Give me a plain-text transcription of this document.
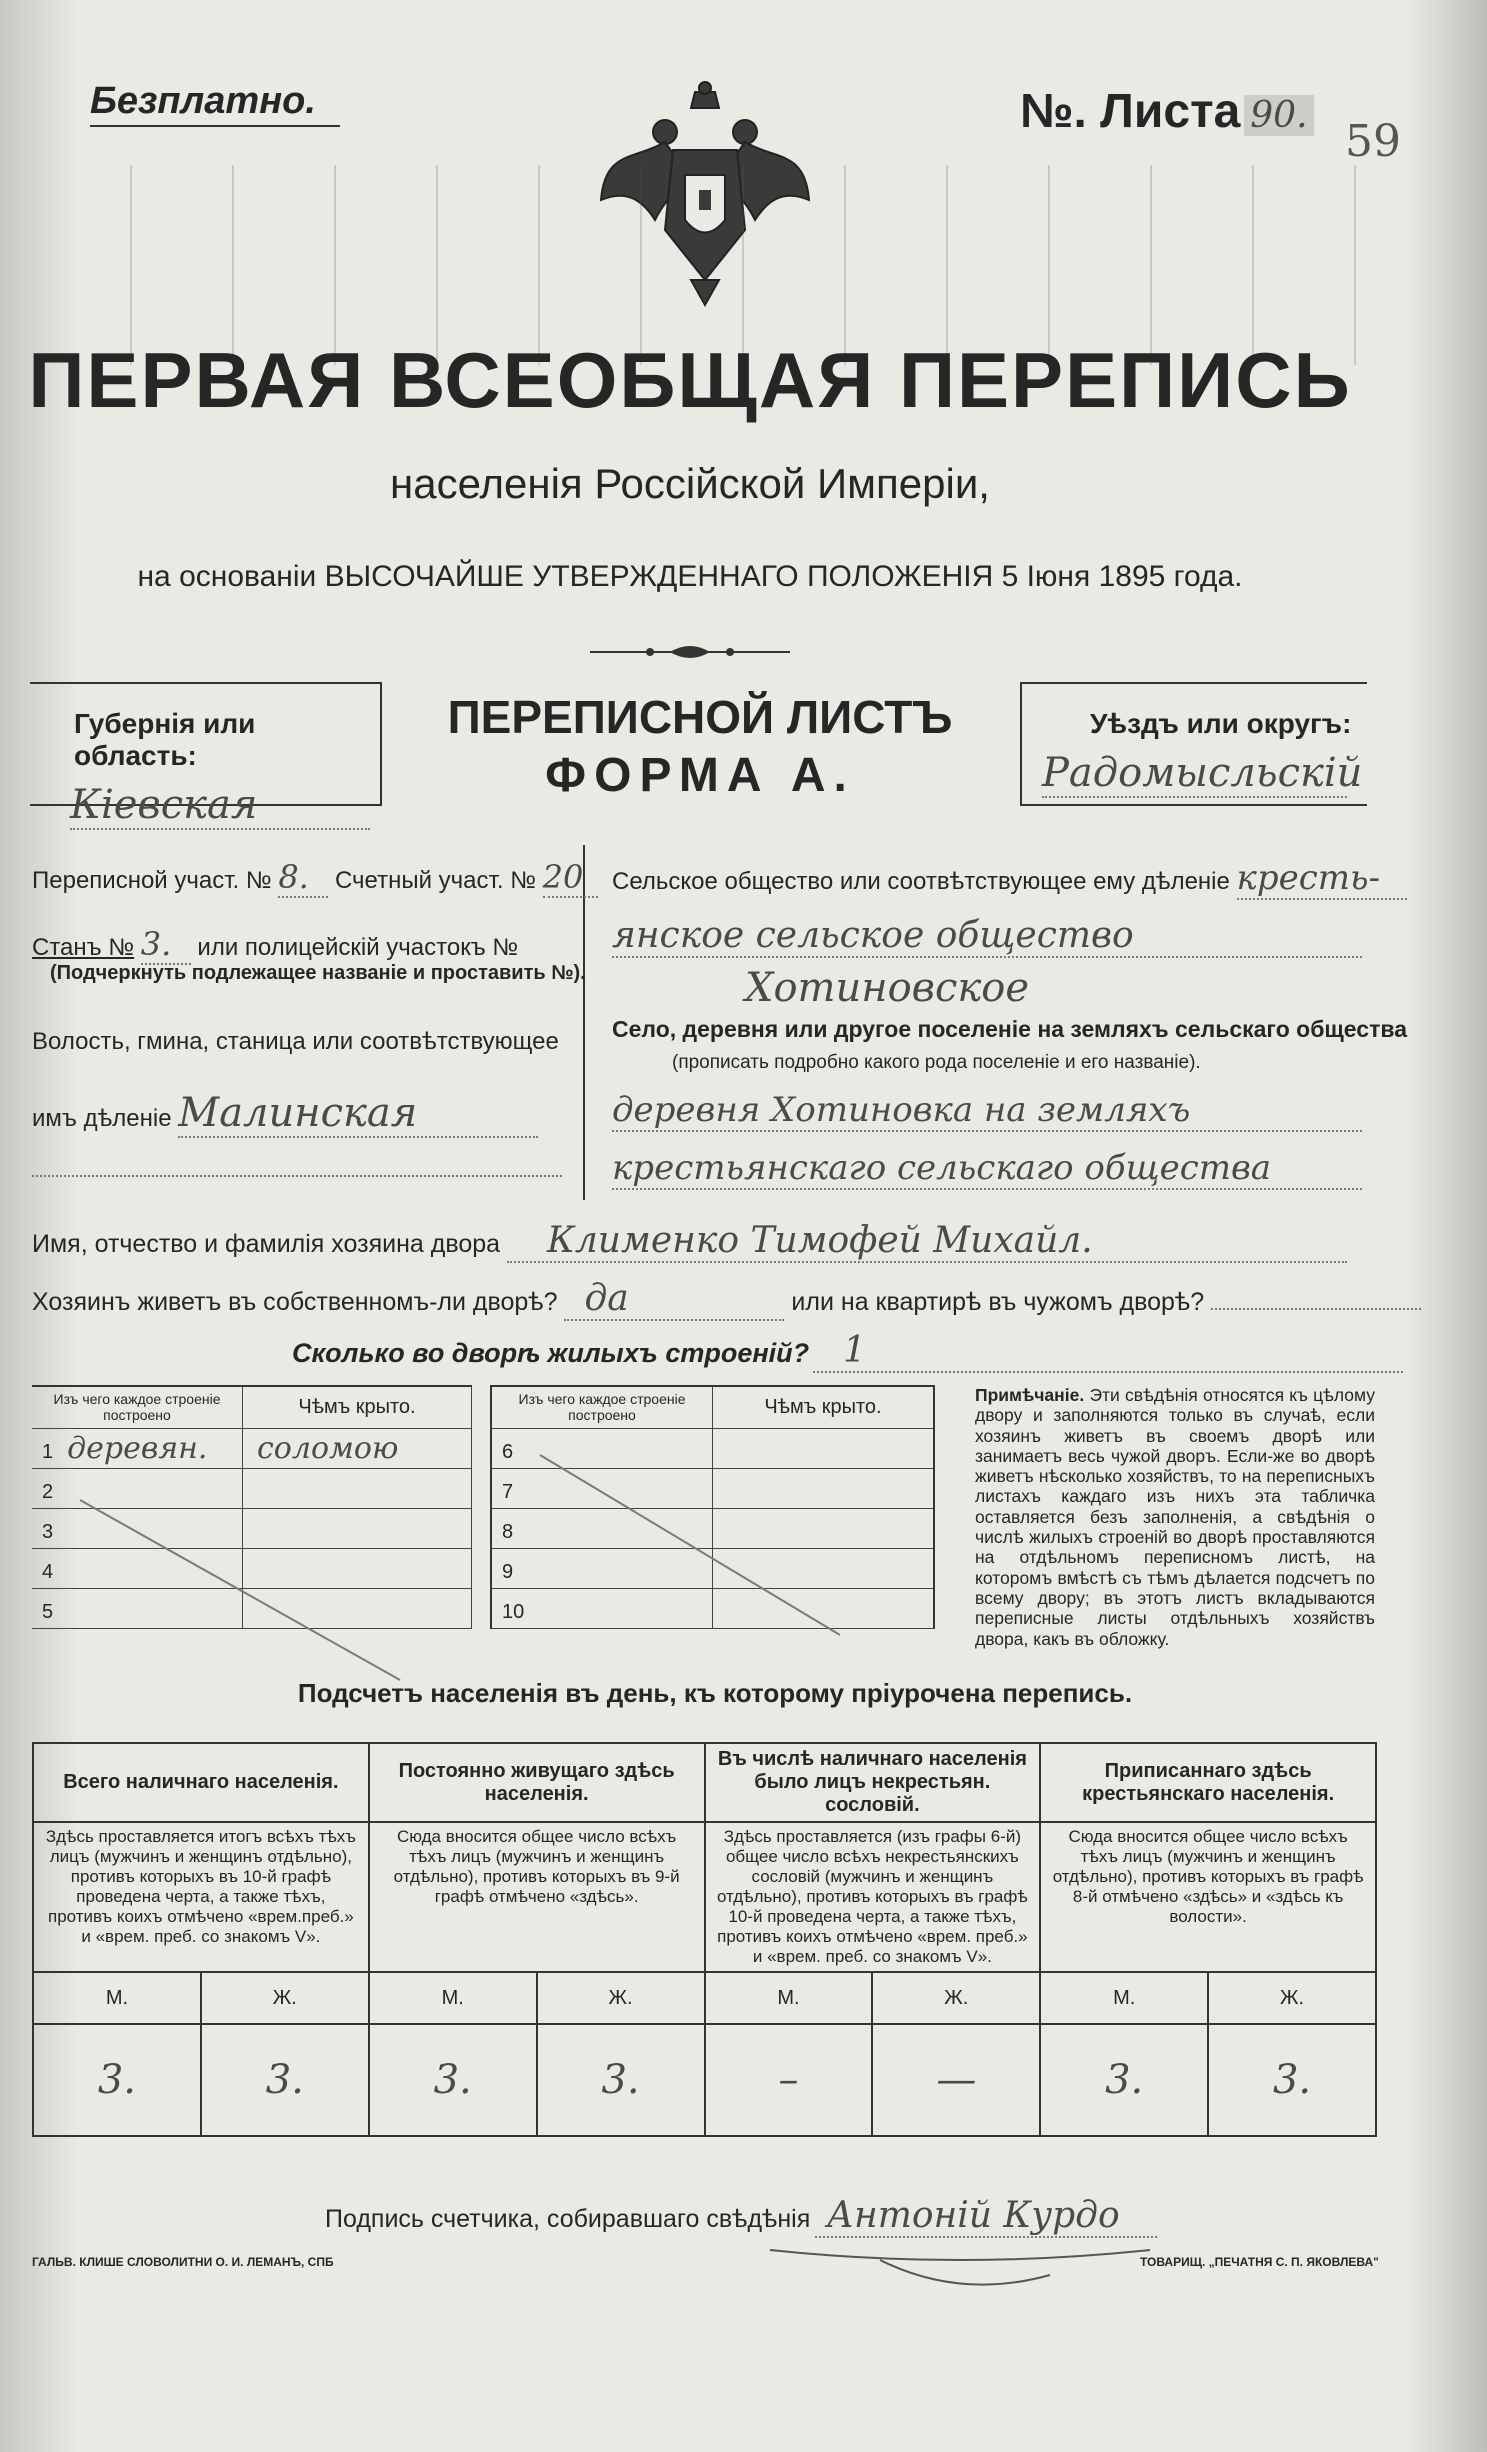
Безплатно.	№. Листа 90.
59
ПЕРВАЯ ВСЕОБЩАЯ ПЕРЕПИСЬ
населенія Россійской Имперіи,
на основаніи ВЫСОЧАЙШЕ УТВЕРЖДЕННАГО ПОЛОЖЕНІЯ 5 Іюня 1895 года.
Губернія или область:
Кіевская
ПЕРЕПИСНОЙ ЛИСТЪ
ФОРМА А.
Уѣздъ или округъ:
Радомысльскій
Переписной участ. № 8. Счетный участ. № 20
Станъ № 3. или полицейскій участокъ №
(Подчеркнуть подлежащее названіе и проставить №).
Волость, гмина, станица или соотвѣтствующее
имъ дѣленіе Малинская
Сельское общество или соотвѣтствующее ему дѣленіе кресть-
янское сельское общество
Хотиновское
Село, деревня или другое поселеніе на земляхъ сельскаго общества
(прописать подробно какого рода поселеніе и его названіе).
деревня Хотиновка на земляхъ
крестьянскаго сельскаго общества
Имя, отчество и фамилія хозяина двора Клименко Тимофей Михайл.
Хозяинъ живетъ въ собственномъ-ли дворѣ? да	или на квартирѣ въ чужомъ дворѣ?
Сколько во дворѣ жилыхъ строеній? 1
Изъ чего каждое строеніе построено	Чѣмъ крыто.
1 деревян.	соломою
2	
3	
4	
5	
Изъ чего каждое строеніе построено	Чѣмъ крыто.
6	
7	
8	
9	
10	
Примѣчаніе. Эти свѣдѣнія относятся къ цѣлому двору и заполняются только въ случаѣ, если хозяинъ живетъ въ своемъ дворѣ или занимаетъ весь чужой дворъ. Если-же во дворѣ живетъ нѣсколько хозяйствъ, то на переписныхъ листахъ каждаго изъ нихъ эта табличка оставляется безъ заполненія, а свѣдѣнія о числѣ жилыхъ строеній во дворѣ проставляются на отдѣльномъ переписномъ листѣ, на которомъ вмѣстѣ съ тѣмъ дѣлается подсчетъ по всему двору; въ этотъ листъ вкладываются переписные листы отдѣльныхъ хозяйствъ двора, какъ въ обложку.
Подсчетъ населенія въ день, къ которому пріурочена перепись.
Всего наличнаго населенія.		Постоянно живущаго здѣсь населенія.		Въ числѣ наличнаго населенія было лицъ некрестьян. сословій.		Приписаннаго здѣсь крестьянскаго населенія.	
Здѣсь проставляется итогъ всѣхъ тѣхъ лицъ (мужчинъ и женщинъ отдѣльно), противъ которыхъ въ 10-й графѣ проведена черта, а также тѣхъ, противъ коихъ отмѣчено «врем.преб.» и «врем. преб. со знакомъ V».		Сюда вносится общее число всѣхъ тѣхъ лицъ (мужчинъ и женщинъ отдѣльно), противъ которыхъ въ 9-й графѣ отмѣчено «здѣсь».		Здѣсь проставляется (изъ графы 6-й) общее число всѣхъ некрестьянскихъ сословій (мужчинъ и женщинъ отдѣльно), противъ которыхъ въ графѣ 10-й проведена черта, а также тѣхъ, противъ коихъ отмѣчено «врем. преб.» и «врем. преб. со знакомъ V».		Сюда вносится общее число всѣхъ тѣхъ лицъ (мужчинъ и женщинъ отдѣльно), противъ которыхъ въ графѣ 8-й отмѣчено «здѣсь» и «здѣсь къ волости».	
М.	Ж.	М.	Ж.	М.	Ж.	М.	Ж.
3.	3.	3.	3.	–	—	3.	3.
Подпись счетчика, собиравшаго свѣдѣнія Антоній Курдо
ГАЛЬВ. КЛИШЕ СЛОВОЛИТНИ О. И. ЛЕМАНЪ, СПБ	ТОВАРИЩ. „ПЕЧАТНЯ С. П. ЯКОВЛЕВА"
